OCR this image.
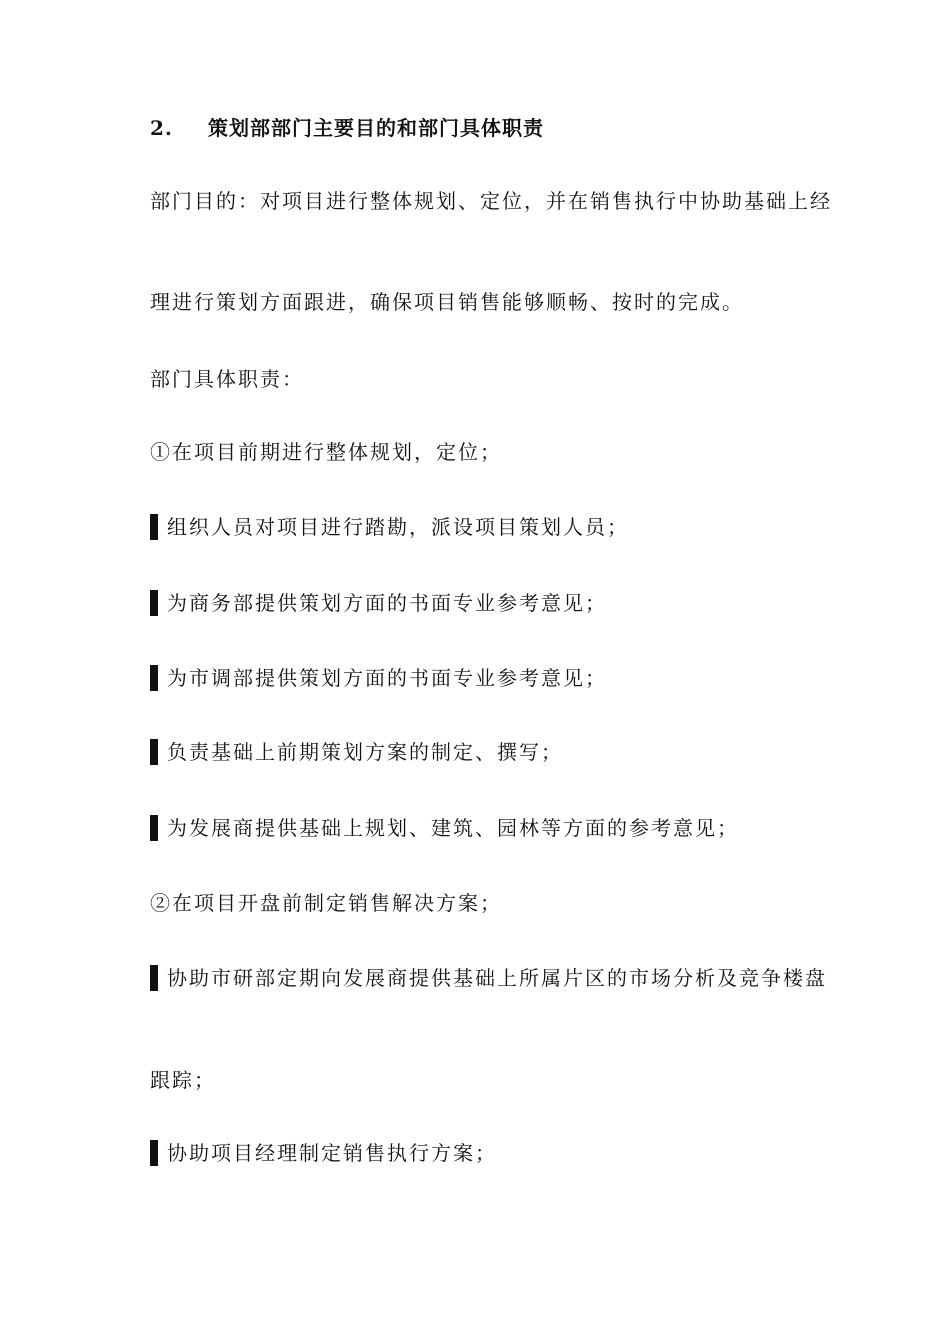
2. 策划部部门主要目的和部门具体职责
部门目的：对项目进行整体规划、定位，并在销售执行中协助基础上经
理进行策划方面跟进，确保项目销售能够顺畅、按时的完成。
部门具体职责：
①在项目前期进行整体规划，定位；
组织人员对项目进行踏勘，派设项目策划人员；
为商务部提供策划方面的书面专业参考意见；
为市调部提供策划方面的书面专业参考意见；
负责基础上前期策划方案的制定、撰写；
为发展商提供基础上规划、建筑、园林等方面的参考意见；
②在项目开盘前制定销售解决方案；
协助市研部定期向发展商提供基础上所属片区的市场分析及竞争楼盘
跟踪；
协助项目经理制定销售执行方案；
